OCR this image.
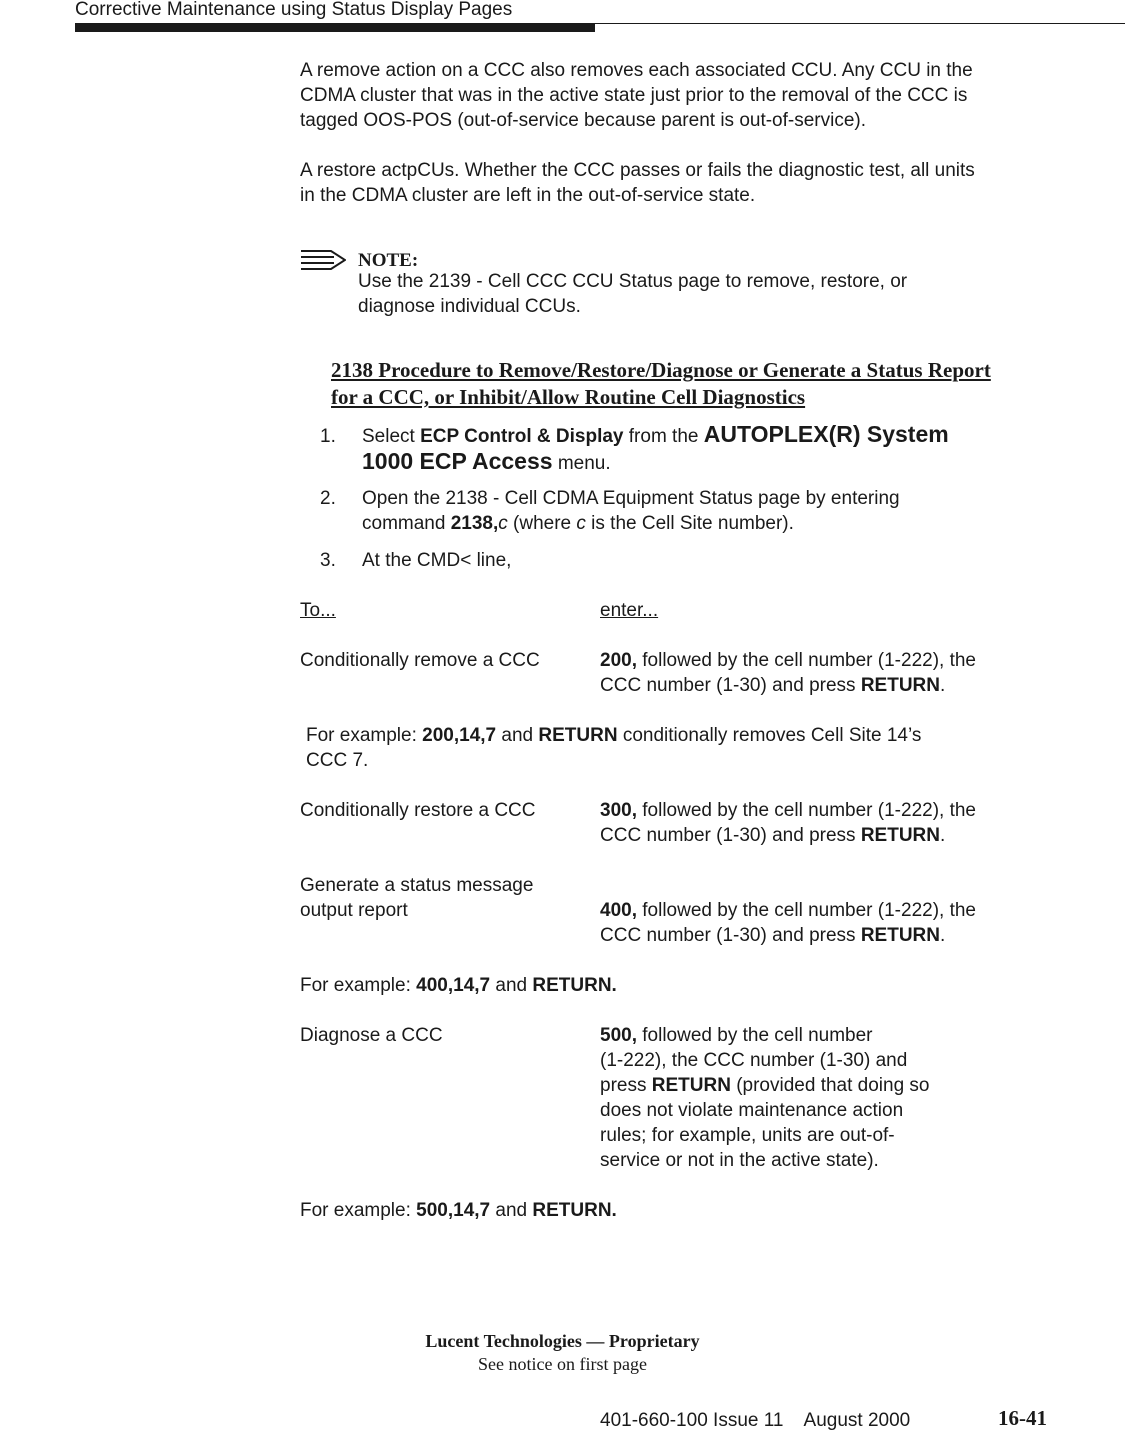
Corrective Maintenance using Status Display Pages
A remove action on a CCC also removes each associated CCU. Any CCU in the
CDMA cluster that was in the active state just prior to the removal of the CCC is
tagged OOS-POS (out-of-service because parent is out-of-service).
A restore actpCUs. Whether the CCC passes or fails the diagnostic test, all units
in the CDMA cluster are left in the out-of-service state.
NOTE:
Use the 2139 - Cell CCC CCU Status page to remove, restore, or
diagnose individual CCUs.
2138 Procedure to Remove/Restore/Diagnose or Generate a Status Report
for a CCC, or Inhibit/Allow Routine Cell Diagnostics
1. Select ECP Control & Display from the AUTOPLEX(R) System
1000 ECP Access menu.
2. Open the 2138 - Cell CDMA Equipment Status page by entering
command 2138,c (where c is the Cell Site number).
3. At the CMD< line,
To...	enter...
Conditionally remove a CCC	200, followed by the cell number (1-222), the
CCC number (1-30) and press RETURN.
For example: 200,14,7 and RETURN conditionally removes Cell Site 14’s
CCC 7.
Conditionally restore a CCC	300, followed by the cell number (1-222), the
CCC number (1-30) and press RETURN.
Generate a status message
output report	400, followed by the cell number (1-222), the
CCC number (1-30) and press RETURN.
For example: 400,14,7 and RETURN.
Diagnose a CCC	500, followed by the cell number
(1-222), the CCC number (1-30) and
press RETURN (provided that doing so
does not violate maintenance action
rules; for example, units are out-of-
service or not in the active state).
For example: 500,14,7 and RETURN.
Lucent Technologies — Proprietary
See notice on first page
401-660-100 Issue 11    August 2000	16-41
